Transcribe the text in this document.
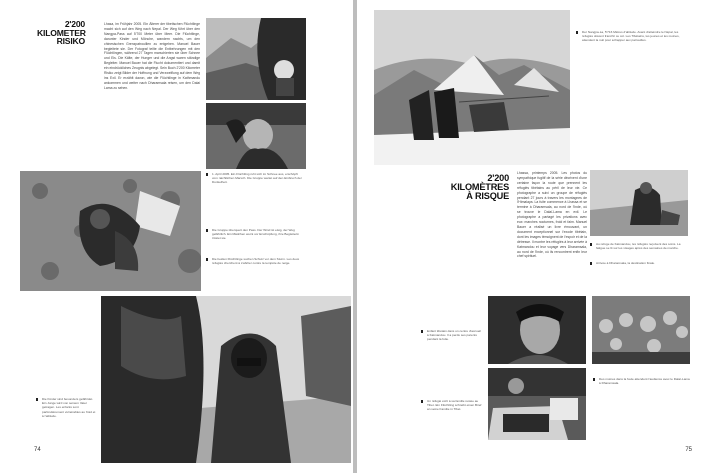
2'200
KILOMETER
RISIKO
Lhasa, im Frühjahr 2005. Ein Älterer der tibetischen Flüchtlinge macht sich auf den Weg nach Nepal. Der Weg führt über den Nangpa-Pass auf 5'700 Meter über Meer. Die Flüchtlinge, darunter Kinder und Mönche, wandern nachts, um den chinesischen Grenzpatrouillen zu entgehen. Manuel Bauer begleitete sie. Der Fotograf teilte die Entbehrungen mit den Flüchtlingen, während 27 Tagen marschierten sie über Schnee und Eis. Die Kälte, der Hunger und die Angst waren ständige Begleiter. Manuel Bauer hat die Flucht dokumentiert und damit ein eindrückliches Zeugnis abgelegt. Sein Buch 2'200 Kilometer Risiko zeigt Bilder der Hoffnung und Verzweiflung auf dem Weg ins Exil. Er erzählt davon, wie die Flüchtlinge in Kathmandu ankommen und weiter nach Dharamsala reisen, um den Dalai Lama zu sehen.
1. April 2005. Ein Flüchtling ruht sich im Schnee aus, erschöpft vom nächtlichen Marsch. Die Gruppe wartet auf den Einbruch der Dunkelheit.
Die Gruppe überquert den Pass. Der Wind ist eisig, der Weg gefährlich. Ein Mädchen weint vor Erschöpfung, ihre Begleiterin tröstet sie.
Die beiden Flüchtlinge suchen Schutz vor dem Sturm. Les deux réfugiés cherchent à s'abriter contre la tempête de neige.
Die Kinder sind besonders gefährdet. Ein Junge wird von seinem Vater getragen. Les enfants sont particulièrement vulnérables au froid et à l'altitude.
74
Der Nangpa-La, 5'716 Mètres d'altitude. Avant d'atteindre le Népal, les réfugiés doivent franchir ce col. Les Tibétains, les jeunes et les moines, attendent la nuit pour échapper aux patrouilles.
2'200
KILOMÈTRES
À RISQUE
Lhassa, printemps 2005. Les photos du sympathique fugitif de la série décrivent d'une certaine façon la route que prennent les réfugiés tibétains au péril de leur vie. Ce photographe a suivi un groupe de réfugiés pendant 27 jours à travers les montagnes de l'Himalaya. La fuite commence à Lhassa et se termine à Dharamsala, au nord de l'Inde, où se trouve le Dalaï-Lama en exil. Le photographe a partagé les privations avec eux: marches nocturnes, froid et faim. Manuel Bauer a réalisé un livre émouvant, un document exceptionnel sur l'exode tibétain, dont les images témoignent de l'espoir et de la détresse. Il montre les réfugiés à leur arrivée à Katmandou et leur voyage vers Dharamsala, au nord de l'Inde, où ils rencontrent enfin leur chef spirituel.
Au refuge de Katmandou, les réfugiés reçoivent des soins. La fatigue se lit sur les visages après des semaines de marche.
Arrivée à Dharamsala, la destination finale.
Enfant tibétain dans un centre d'accueil à Katmandou. Il a perdu ses parents pendant la fuite.
Des moines dans la foule attendent l'audience avec le Dalaï-Lama à Dharamsala.
Un réfugié écrit à sa famille restée au Tibet. Ein Flüchtling schreibt einen Brief an seine Familie in Tibet.
75
